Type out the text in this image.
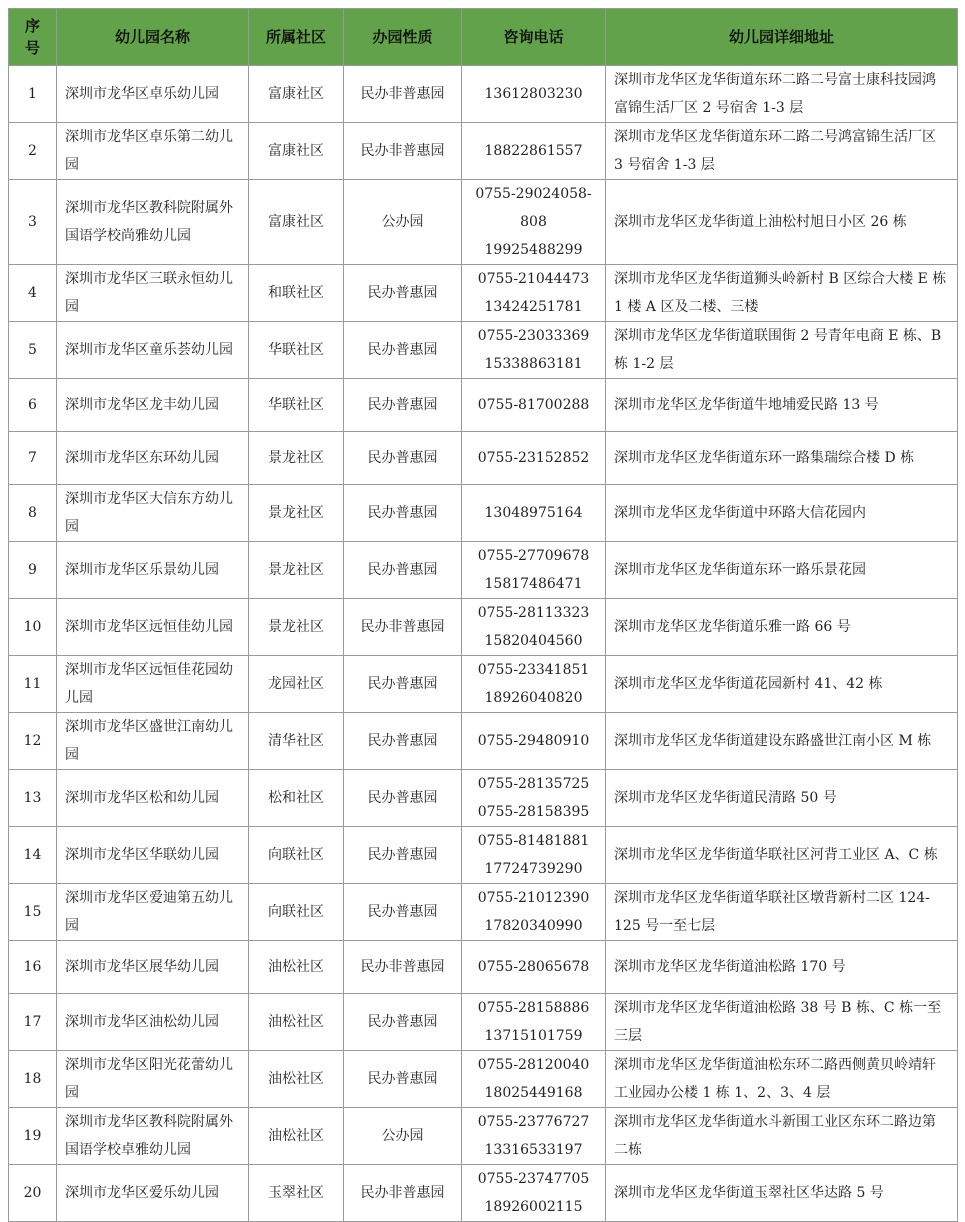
序
号	幼儿园名称	所属社区	办园性质	咨询电话	幼儿园详细地址
1	深圳市龙华区卓乐幼儿园	富康社区	民办非普惠园	13612803230	深圳市龙华区龙华街道东环二路二号富士康科技园鸿富锦生活厂区 2 号宿舍 1-3 层
2	深圳市龙华区卓乐第二幼儿园	富康社区	民办非普惠园	18822861557	深圳市龙华区龙华街道东环二路二号鸿富锦生活厂区 3 号宿舍 1-3 层
3	深圳市龙华区教科院附属外国语学校尚雅幼儿园	富康社区	公办园	0755-29024058-808
19925488299	深圳市龙华区龙华街道上油松村旭日小区 26 栋
4	深圳市龙华区三联永恒幼儿园	和联社区	民办普惠园	0755-21044473
13424251781	深圳市龙华区龙华街道狮头岭新村 B 区综合大楼 E 栋 1 楼 A 区及二楼、三楼
5	深圳市龙华区童乐荟幼儿园	华联社区	民办普惠园	0755-23033369
15338863181	深圳市龙华区龙华街道联围街 2 号青年电商 E 栋、B 栋 1-2 层
6	深圳市龙华区龙丰幼儿园	华联社区	民办普惠园	0755-81700288	深圳市龙华区龙华街道牛地埔爱民路 13 号
7	深圳市龙华区东环幼儿园	景龙社区	民办普惠园	0755-23152852	深圳市龙华区龙华街道东环一路集瑞综合楼 D 栋
8	深圳市龙华区大信东方幼儿园	景龙社区	民办普惠园	13048975164	深圳市龙华区龙华街道中环路大信花园内
9	深圳市龙华区乐景幼儿园	景龙社区	民办普惠园	0755-27709678
15817486471	深圳市龙华区龙华街道东环一路乐景花园
10	深圳市龙华区远恒佳幼儿园	景龙社区	民办非普惠园	0755-28113323
15820404560	深圳市龙华区龙华街道乐雅一路 66 号
11	深圳市龙华区远恒佳花园幼儿园	龙园社区	民办普惠园	0755-23341851
18926040820	深圳市龙华区龙华街道花园新村 41、42 栋
12	深圳市龙华区盛世江南幼儿园	清华社区	民办普惠园	0755-29480910	深圳市龙华区龙华街道建设东路盛世江南小区 M 栋
13	深圳市龙华区松和幼儿园	松和社区	民办普惠园	0755-28135725
0755-28158395	深圳市龙华区龙华街道民清路 50 号
14	深圳市龙华区华联幼儿园	向联社区	民办普惠园	0755-81481881
17724739290	深圳市龙华区龙华街道华联社区河背工业区 A、C 栋
15	深圳市龙华区爱迪第五幼儿园	向联社区	民办普惠园	0755-21012390
17820340990	深圳市龙华区龙华街道华联社区墩背新村二区 124-125 号一至七层
16	深圳市龙华区展华幼儿园	油松社区	民办非普惠园	0755-28065678	深圳市龙华区龙华街道油松路 170 号
17	深圳市龙华区油松幼儿园	油松社区	民办普惠园	0755-28158886
13715101759	深圳市龙华区龙华街道油松路 38 号 B 栋、C 栋一至三层
18	深圳市龙华区阳光花蕾幼儿园	油松社区	民办普惠园	0755-28120040
18025449168	深圳市龙华区龙华街道油松东环二路西侧黄贝岭靖轩工业园办公楼 1 栋 1、2、3、4 层
19	深圳市龙华区教科院附属外国语学校卓雅幼儿园	油松社区	公办园	0755-23776727
13316533197	深圳市龙华区龙华街道水斗新围工业区东环二路边第二栋
20	深圳市龙华区爱乐幼儿园	玉翠社区	民办非普惠园	0755-23747705
18926002115	深圳市龙华区龙华街道玉翠社区华达路 5 号
